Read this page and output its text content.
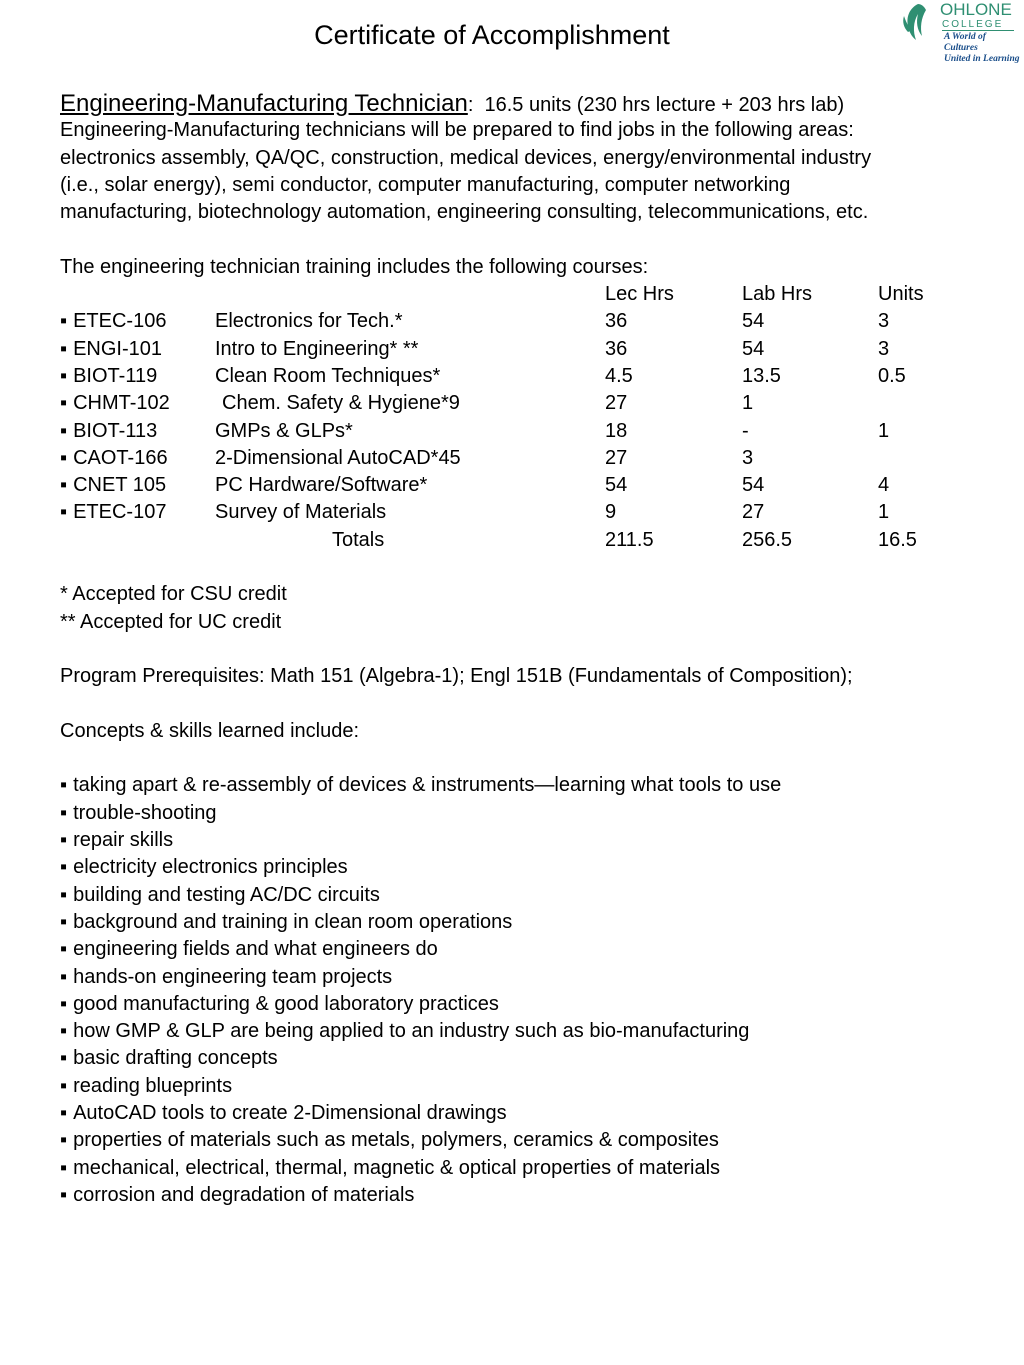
Certificate of Accomplishment
OHLONE
COLLEGE
A World of Cultures
United in Learning
Engineering-Manufacturing Technician: 16.5 units (230 hrs lecture + 203 hrs lab)
Engineering-Manufacturing technicians will be prepared to find jobs in the following areas:
electronics assembly, QA/QC, construction, medical devices, energy/environmental industry
(i.e., solar energy), semi conductor, computer manufacturing, computer networking
manufacturing, biotechnology automation, engineering consulting, telecommunications, etc.
The engineering technician training includes the following courses:
Lec Hrs	Lab Hrs	Units
▪ ETEC-106 Electronics for Tech.*	36	54	3
▪ ENGI-101	Intro to Engineering* **	36	54	3
▪ BIOT-119	Clean Room Techniques*	4.5	13.5	0.5
▪ CHMT-102	Chem. Safety & Hygiene*9	27	1
▪ BIOT-113	GMPs & GLPs*	18	-	1
▪ CAOT-166 2-Dimensional AutoCAD*45	27	3
▪ CNET 105 PC Hardware/Software*	54	54	4
▪ ETEC-107 Survey of Materials	9	27	1
Totals	211.5	256.5	16.5
* Accepted for CSU credit
** Accepted for UC credit
Program Prerequisites: Math 151 (Algebra-1); Engl 151B (Fundamentals of Composition);
Concepts & skills learned include:
▪ taking apart & re-assembly of devices & instruments—learning what tools to use
▪ trouble-shooting
▪ repair skills
▪ electricity electronics principles
▪ building and testing AC/DC circuits
▪ background and training in clean room operations
▪ engineering fields and what engineers do
▪ hands-on engineering team projects
▪ good manufacturing & good laboratory practices
▪ how GMP & GLP are being applied to an industry such as bio-manufacturing
▪ basic drafting concepts
▪ reading blueprints
▪ AutoCAD tools to create 2-Dimensional drawings
▪ properties of materials such as metals, polymers, ceramics & composites
▪ mechanical, electrical, thermal, magnetic & optical properties of materials
▪ corrosion and degradation of materials
